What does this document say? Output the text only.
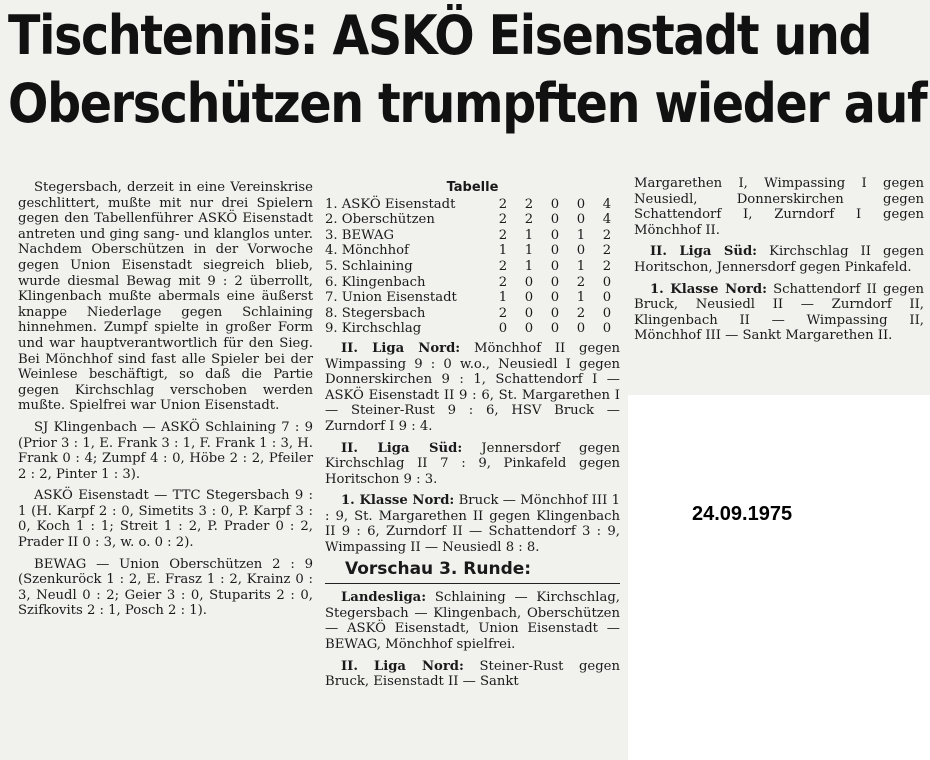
Tischtennis: ASKÖ Eisenstadt und
Oberschützen trumpften wieder auf

Stegersbach, derzeit in eine Vereinskrise geschlittert, mußte mit nur drei Spielern gegen den Tabellenführer ASKÖ Eisenstadt antreten und ging sang- und klanglos unter. Nachdem Oberschützen in der Vorwoche gegen Union Eisenstadt siegreich blieb, wurde diesmal Bewag mit 9 : 2 überrollt, Klingenbach mußte abermals eine äußerst knappe Niederlage gegen Schlaining hinnehmen. Zumpf spielte in großer Form und war hauptverantwortlich für den Sieg. Bei Mönchhof sind fast alle Spieler bei der Weinlese beschäftigt, so daß die Partie gegen Kirchschlag verschoben werden mußte. Spielfrei war Union Eisenstadt.

SJ Klingenbach — ASKÖ Schlaining 7 : 9 (Prior 3 : 1, E. Frank 3 : 1, F. Frank 1 : 3, H. Frank 0 : 4; Zumpf 4 : 0, Höbe 2 : 2, Pfeiler 2 : 2, Pinter 1 : 3).

ASKÖ Eisenstadt — TTC Stegersbach 9 : 1 (H. Karpf 2 : 0, Simetits 3 : 0, P. Karpf 3 : 0, Koch 1 : 1; Streit 1 : 2, P. Prader 0 : 2, Prader II 0 : 3, w. o. 0 : 2).

BEWAG — Union Oberschützen 2 : 9 (Szenkuröck 1 : 2, E. Frasz 1 : 2, Krainz 0 : 3, Neudl 0 : 2; Geier 3 : 0, Stuparits 2 : 0, Szifkovits 2 : 1, Posch 2 : 1).

Tabelle
1. ASKÖ Eisenstadt	2	2	0	0	4
2. Oberschützen	2	2	0	0	4
3. BEWAG	2	1	0	1	2
4. Mönchhof	1	1	0	0	2
5. Schlaining	2	1	0	1	2
6. Klingenbach	2	0	0	2	0
7. Union Eisenstadt	1	0	0	1	0
8. Stegersbach	2	0	0	2	0
9. Kirchschlag	0	0	0	0	0

II. Liga Nord: Mönchhof II gegen Wimpassing 9 : 0 w.o., Neusiedl I gegen Donnerskirchen 9 : 1, Schattendorf I — ASKÖ Eisenstadt II 9 : 6, St. Margarethen I — Steiner-Rust 9 : 6, HSV Bruck — Zurndorf I 9 : 4.

II. Liga Süd: Jennersdorf gegen Kirchschlag II 7 : 9, Pinkafeld gegen Horitschon 9 : 3.

1. Klasse Nord: Bruck — Mönchhof III 1 : 9, St. Margarethen II gegen Klingenbach II 9 : 6, Zurndorf II — Schattendorf 3 : 9, Wimpassing II — Neusiedl 8 : 8.

Vorschau 3. Runde:

Landesliga: Schlaining — Kirchschlag, Stegersbach — Klingenbach, Oberschützen — ASKÖ Eisenstadt, Union Eisenstadt — BEWAG, Mönchhof spielfrei.

II. Liga Nord: Steiner-Rust gegen Bruck, Eisenstadt II — Sankt

Margarethen I, Wimpassing I gegen Neusiedl, Donnerskirchen gegen Schattendorf I, Zurndorf I gegen Mönchhof II.

II. Liga Süd: Kirchschlag II gegen Horitschon, Jennersdorf gegen Pinkafeld.

1. Klasse Nord: Schattendorf II gegen Bruck, Neusiedl II — Zurndorf II, Klingenbach II — Wimpassing II, Mönchhof III — Sankt Margarethen II.

24.09.1975
